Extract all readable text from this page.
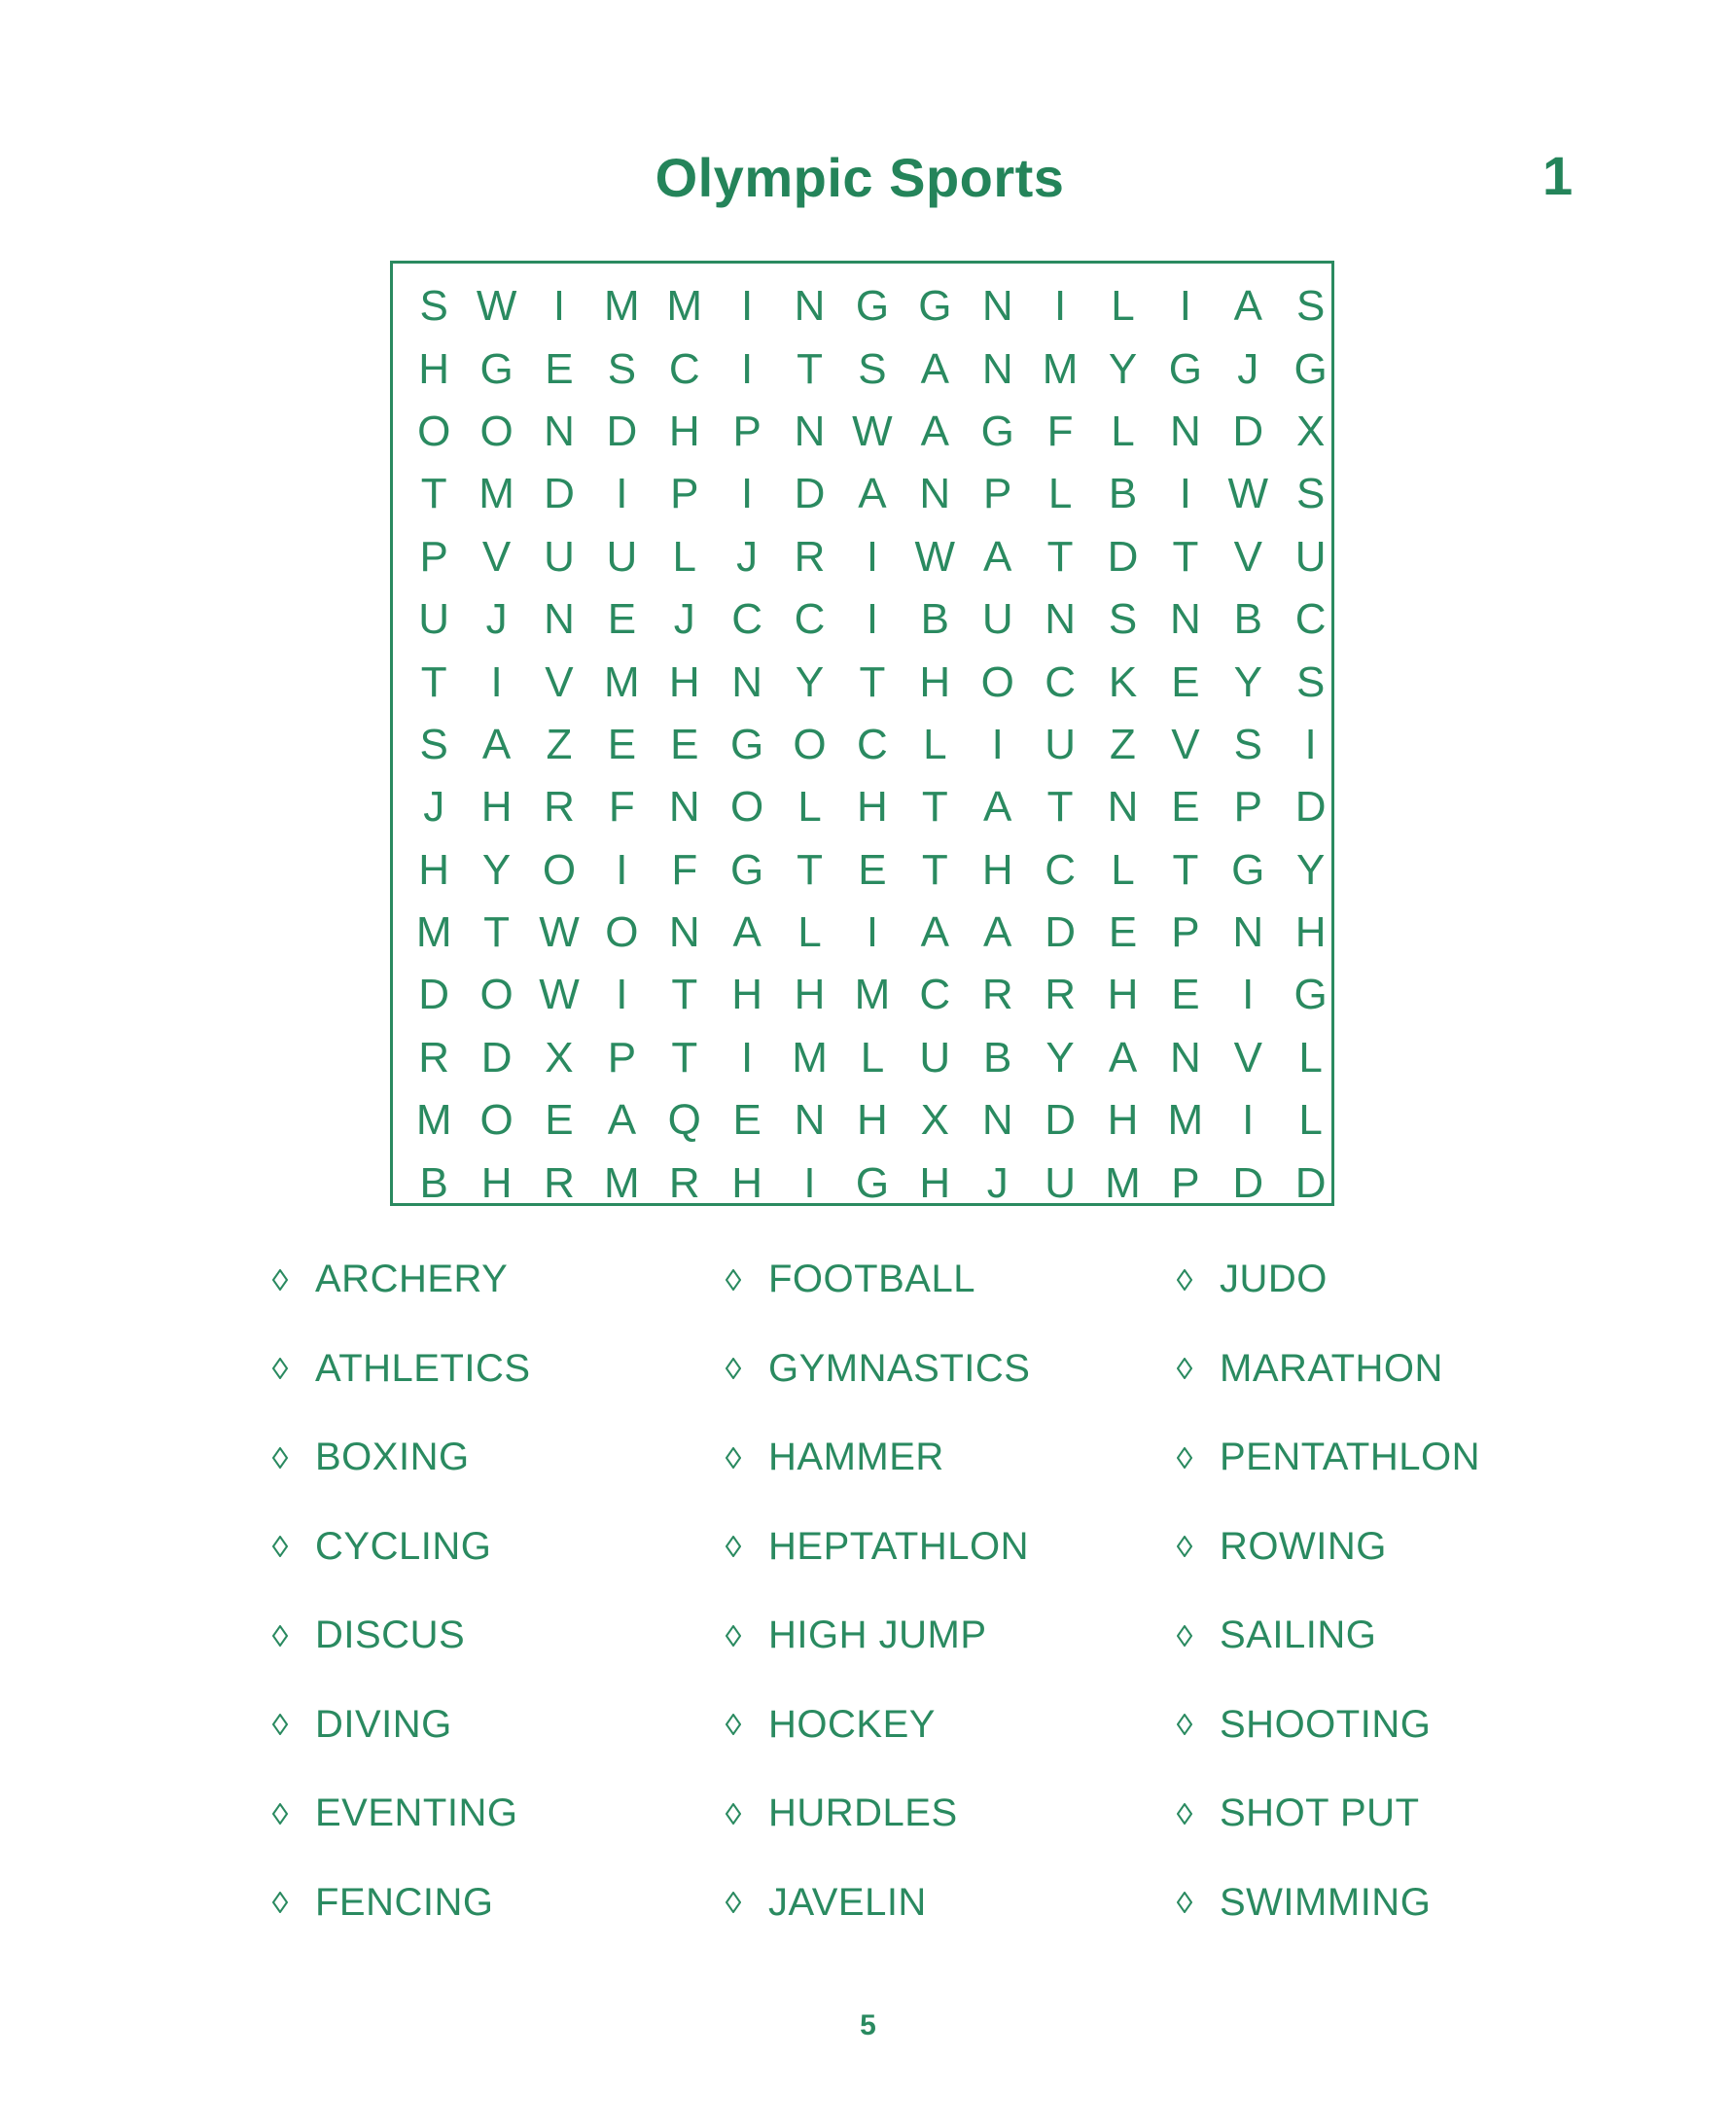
Olympic Sports	1
S W I M M I N G G N I	L	I A S
H G E S C I	T S A N M Y G J G
O O N D H P N W A G F L N D X
T M D I P I D A N P L B I W S
P V U U L J R I W A T D T V U
U J N E J C C I B U N S N B C
T	I V M H N Y T H O C K E Y S
S A Z E E G O C L	I U Z V S I
J H R F N O L H T A T N E P D
H Y O I	F G T E T H C L T G Y
M T W O N A L	I A A D E P N H
D O W I	T H H M C R R H E I G
R D X P T	I M L U B Y A N V L
M O E A Q E N H X N D H M I	L
B H R M R H I G H J U M P D D
ARCHERY
ATHLETICS
BOXING
CYCLING
DISCUS
DIVING
EVENTING
FENCING
FOOTBALL
GYMNASTICS
HAMMER
HEPTATHLON
HIGH JUMP
HOCKEY
HURDLES
JAVELIN
JUDO
MARATHON
PENTATHLON
ROWING
SAILING
SHOOTING
SHOT PUT
SWIMMING
5
